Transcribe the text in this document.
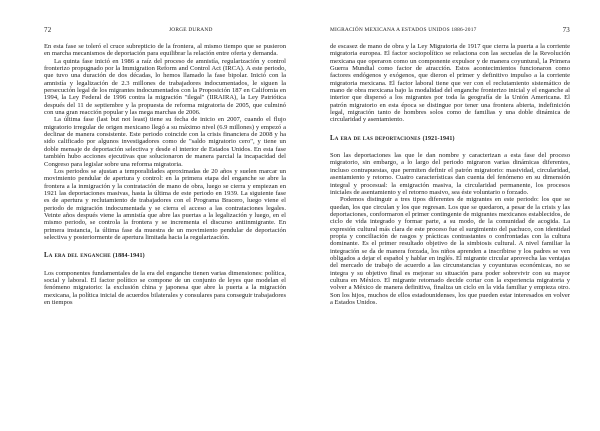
72	JORGE DURAND

En esta fase se toleró el cruce subrepticio de la frontera, al mismo tiempo que se pusieron en marcha mecanismos de deportación para equilibrar la relación entre oferta y demanda.

La quinta fase inició en 1986 a raíz del proceso de amnistía, regularización y control fronterizo propugnado por la Immigration Reform and Control Act (IRCA). A este periodo, que tuvo una duración de dos décadas, lo hemos llamado la fase bipolar. Inició con la amnistía y legalización de 2.3 millones de trabajadores indocumentados, le siguen la persecución legal de los migrantes indocumentados con la Proposición 187 en California en 1994, la Ley Federal de 1996 contra la migración "ilegal" (IIRAIRA), la Ley Patriótica después del 11 de septiembre y la propuesta de reforma migratoria de 2005, que culminó con una gran reacción popular y las mega marchas de 2006.

La última fase (last but not least) tiene su fecha de inicio en 2007, cuando el flujo migratorio irregular de origen mexicano llegó a su máximo nivel (6.9 millones) y empezó a declinar de manera consistente. Este periodo coincide con la crisis financiera de 2008 y ha sido calificado por algunos investigadores como de "saldo migratorio cero", y tiene un doble mensaje de deportación selectiva y desde el interior de Estados Unidos. En esta fase también hubo acciones ejecutivas que solucionaron de manera parcial la incapacidad del Congreso para legislar sobre una reforma migratoria.

Los periodos se ajustan a temporalidades aproximadas de 20 años y suelen marcar un movimiento pendular de apertura y control: en la primera etapa del enganche se abre la frontera a la inmigración y la contratación de mano de obra, luego se cierra y empiezan en 1921 las deportaciones masivas, hasta la última de este periodo en 1939. La siguiente fase es de apertura y reclutamiento de trabajadores con el Programa Bracero, luego viene el periodo de migración indocumentada y se cierra el acceso a las contrataciones legales. Veinte años después viene la amnistía que abre las puertas a la legalización y luego, en el mismo periodo, se controla la frontera y se incrementa el discurso antiinmigrante. En primera instancia, la última fase da muestra de un movimiento pendular de deportación selectiva y posteriormente de apertura limitada hacia la regularización.

La era del enganche (1884-1941)

Los componentes fundamentales de la era del enganche tienen varias dimensiones: política, social y laboral. El factor político se compone de un conjunto de leyes que modelan el fenómeno migratorio: la exclusión china y japonesa que abre la puerta a la migración mexicana, la política inicial de acuerdos bilaterales y consulares para conseguir trabajadores en tiempos

MIGRACIÓN MEXICANA A ESTADOS UNIDOS 1886-2017	73

de escasez de mano de obra y la Ley Migratoria de 1917 que cierra la puerta a la corriente migratoria europea. El factor sociopolítico se relaciona con las secuelas de la Revolución mexicana que operaron como un componente expulsor y de manera coyuntural, la Primera Guerra Mundial como factor de atracción. Estos acontecimientos funcionaron como factores endógenos y exógenos, que dieron el primer y definitivo impulso a la corriente migratoria mexicana. El factor laboral tiene que ver con el reclutamiento sistemático de mano de obra mexicana bajo la modalidad del enganche fronterizo inicial y el enganche al interior que dispersó a los migrantes por toda la geografía de la Unión Americana. El patrón migratorio en esta época se distingue por tener una frontera abierta, indefinición legal, migración tanto de hombres solos como de familias y una doble dinámica de circularidad y asentamiento.

La era de las deportaciones (1921-1941)

Son las deportaciones las que le dan nombre y caracterizan a esta fase del proceso migratorio, sin embargo, a lo largo del periodo migraron varias dinámicas diferentes, incluso contrapuestas, que permiten definir el patrón migratorio: masividad, circularidad, asentamiento y retorno. Cuatro características dan cuenta del fenómeno en su dimensión integral y procesual: la emigración masiva, la circularidad permanente, los procesos iniciales de asentamiento y el retorno masivo, sea éste voluntario o forzado.

Podemos distinguir a tres tipos diferentes de migrantes en este periodo: los que se quedan, los que circulan y los que regresan. Los que se quedaron, a pesar de la crisis y las deportaciones, conformaron el primer contingente de migrantes mexicanos establecidos, de ciclo de vida integrado y formar parte, a su modo, de la comunidad de acogida. La expresión cultural más clara de este proceso fue el surgimiento del pachuco, con identidad propia y conciliación de rasgos y prácticas contrastantes o confrontadas con la cultura dominante. Es el primer resultado objetivo de la simbiosis cultural. A nivel familiar la integración se da de manera forzada, los niños aprenden a inscribirse y los padres se ven obligados a dejar el español y hablar en inglés. El migrante circular aprovecha las ventajas del mercado de trabajo de acuerdo a las circunstancias y coyunturas económicas, no se integra y su objetivo final es mejorar su situación para poder sobrevivir con su mayor cultura en México. El migrante retornado decide cortar con la experiencia migratoria y volver a México de manera definitiva, finaliza un ciclo en la vida familiar y empieza otro. Son los hijos, muchos de ellos estadounidenses, los que pueden estar interesados en volver a Estados Unidos.
